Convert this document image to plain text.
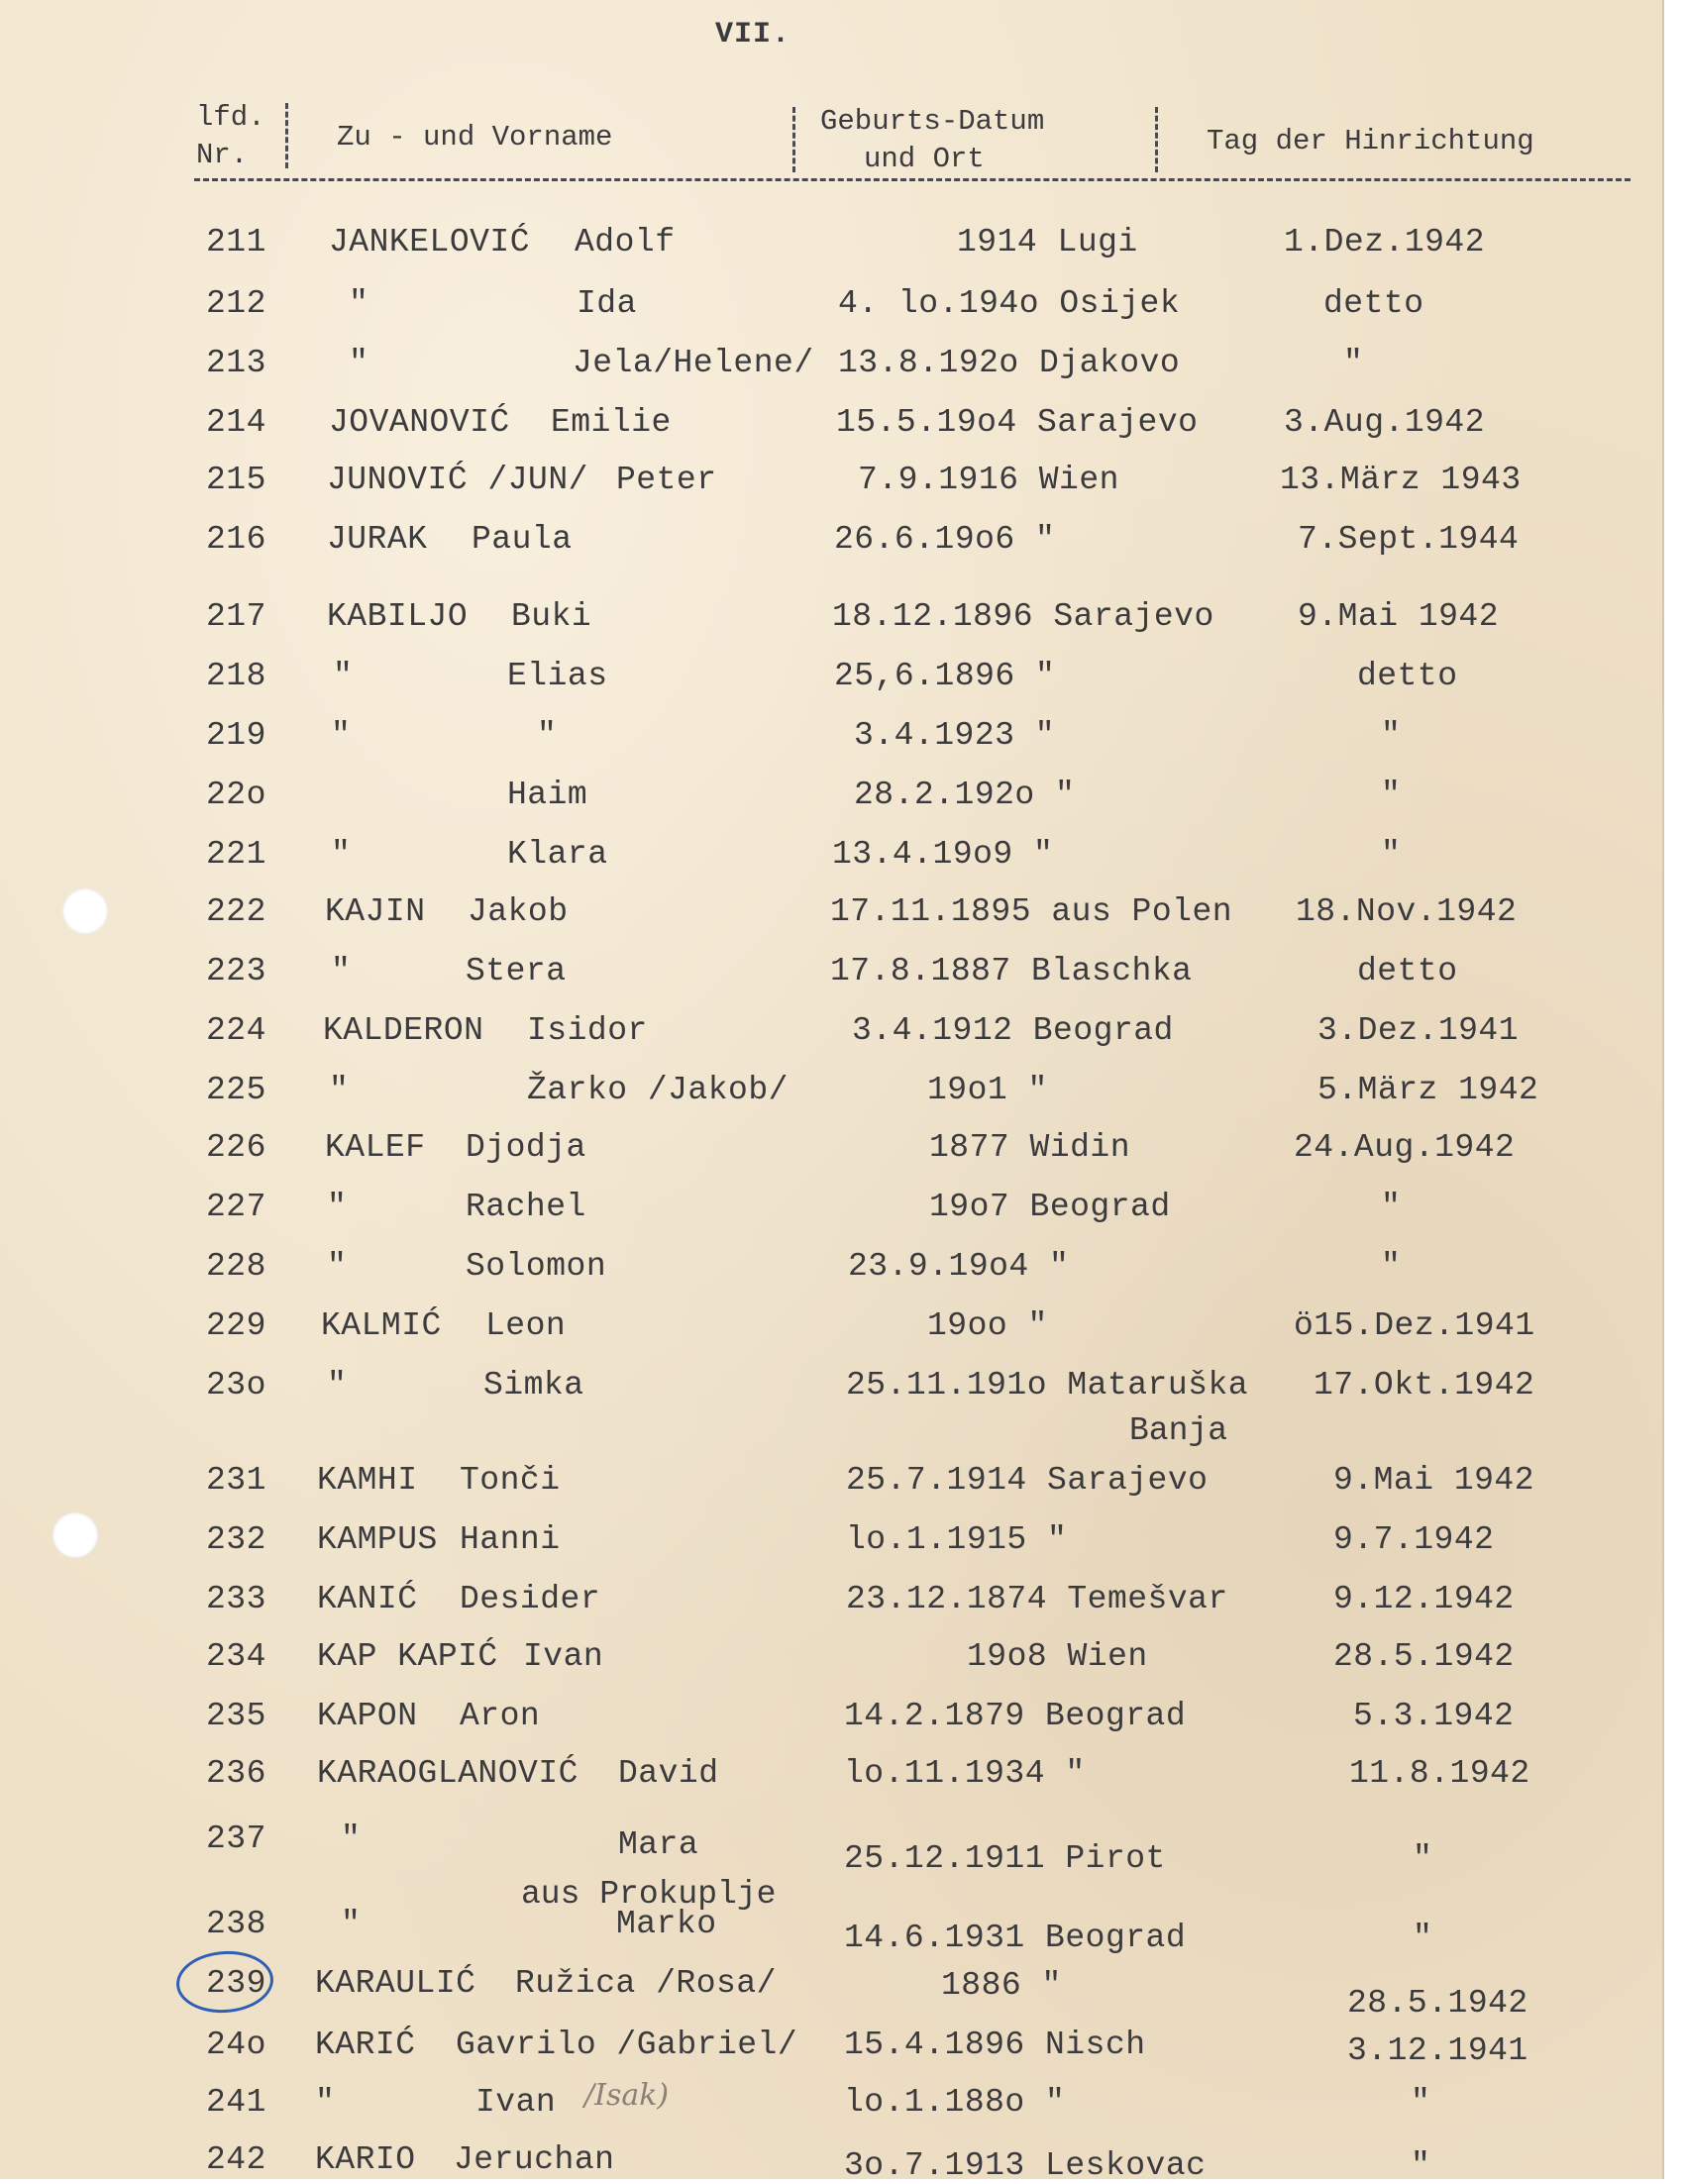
VII.
lfd.
Nr.
Zu - und Vorname	Geburts-Datum
und Ort
Tag der Hinrichtung
211 JANKELOVIĆ Adolf	1914 Lugi	1.Dez.1942
212	"	Ida	4. lo.194o Osijek	detto
213	"	Jela/Helene/ 13.8.192o Djakovo	"
214 JOVANOVIĆ Emilie	15.5.19o4 Sarajevo	3.Aug.1942
215 JUNOVIĆ /JUN/ Peter	7.9.1916 Wien	13.März 1943
216 JURAK Paula	26.6.19o6 "	7.Sept.1944
217 KABILJO Buki	18.12.1896 Sarajevo	9.Mai 1942
218 "	Elias	25,6.1896 "	detto
219 "	"	3.4.1923 "	"
22o	Haim	28.2.192o "	"
221 "	Klara	13.4.19o9 "	"
222 KAJIN Jakob	17.11.1895 aus Polen 18.Nov.1942
223 "	Stera	17.8.1887 Blaschka	detto
224 KALDERON Isidor	3.4.1912 Beograd	3.Dez.1941
225 "	Žarko /Jakob/	19o1 "	5.März 1942
226 KALEF Djodja	1877 Widin	24.Aug.1942
227 "	Rachel	19o7 Beograd	"
228 "	Solomon	23.9.19o4 "	"
229 KALMIĆ Leon	19oo "	ö15.Dez.1941
23o "	Simka	25.11.191o Mataruška 17.Okt.1942
Banja
231 KAMHI Tonči	25.7.1914 Sarajevo	9.Mai 1942
232 KAMPUS Hanni	lo.1.1915 "	9.7.1942
233 KANIĆ Desider	23.12.1874 Temešvar	9.12.1942
234 KAP KAPIĆ Ivan	19o8 Wien	28.5.1942
235 KAPON Aron	14.2.1879 Beograd	5.3.1942
236 KARAOGLANOVIĆ David	lo.11.1934 "	11.8.1942
237 "	Mara	25.12.1911 Pirot	"
aus Prokuplje
238 "	Marko	14.6.1931 Beograd	"
239 KARAULIĆ Ružica /Rosa/	1886 "	28.5.1942
24o KARIĆ Gavrilo /Gabriel/ 15.4.1896 Nisch	3.12.1941
241 "	Ivan	lo.1.188o "	"
/Isak)
242 KARIO Jeruchan	3o.7.1913 Leskovac	"
